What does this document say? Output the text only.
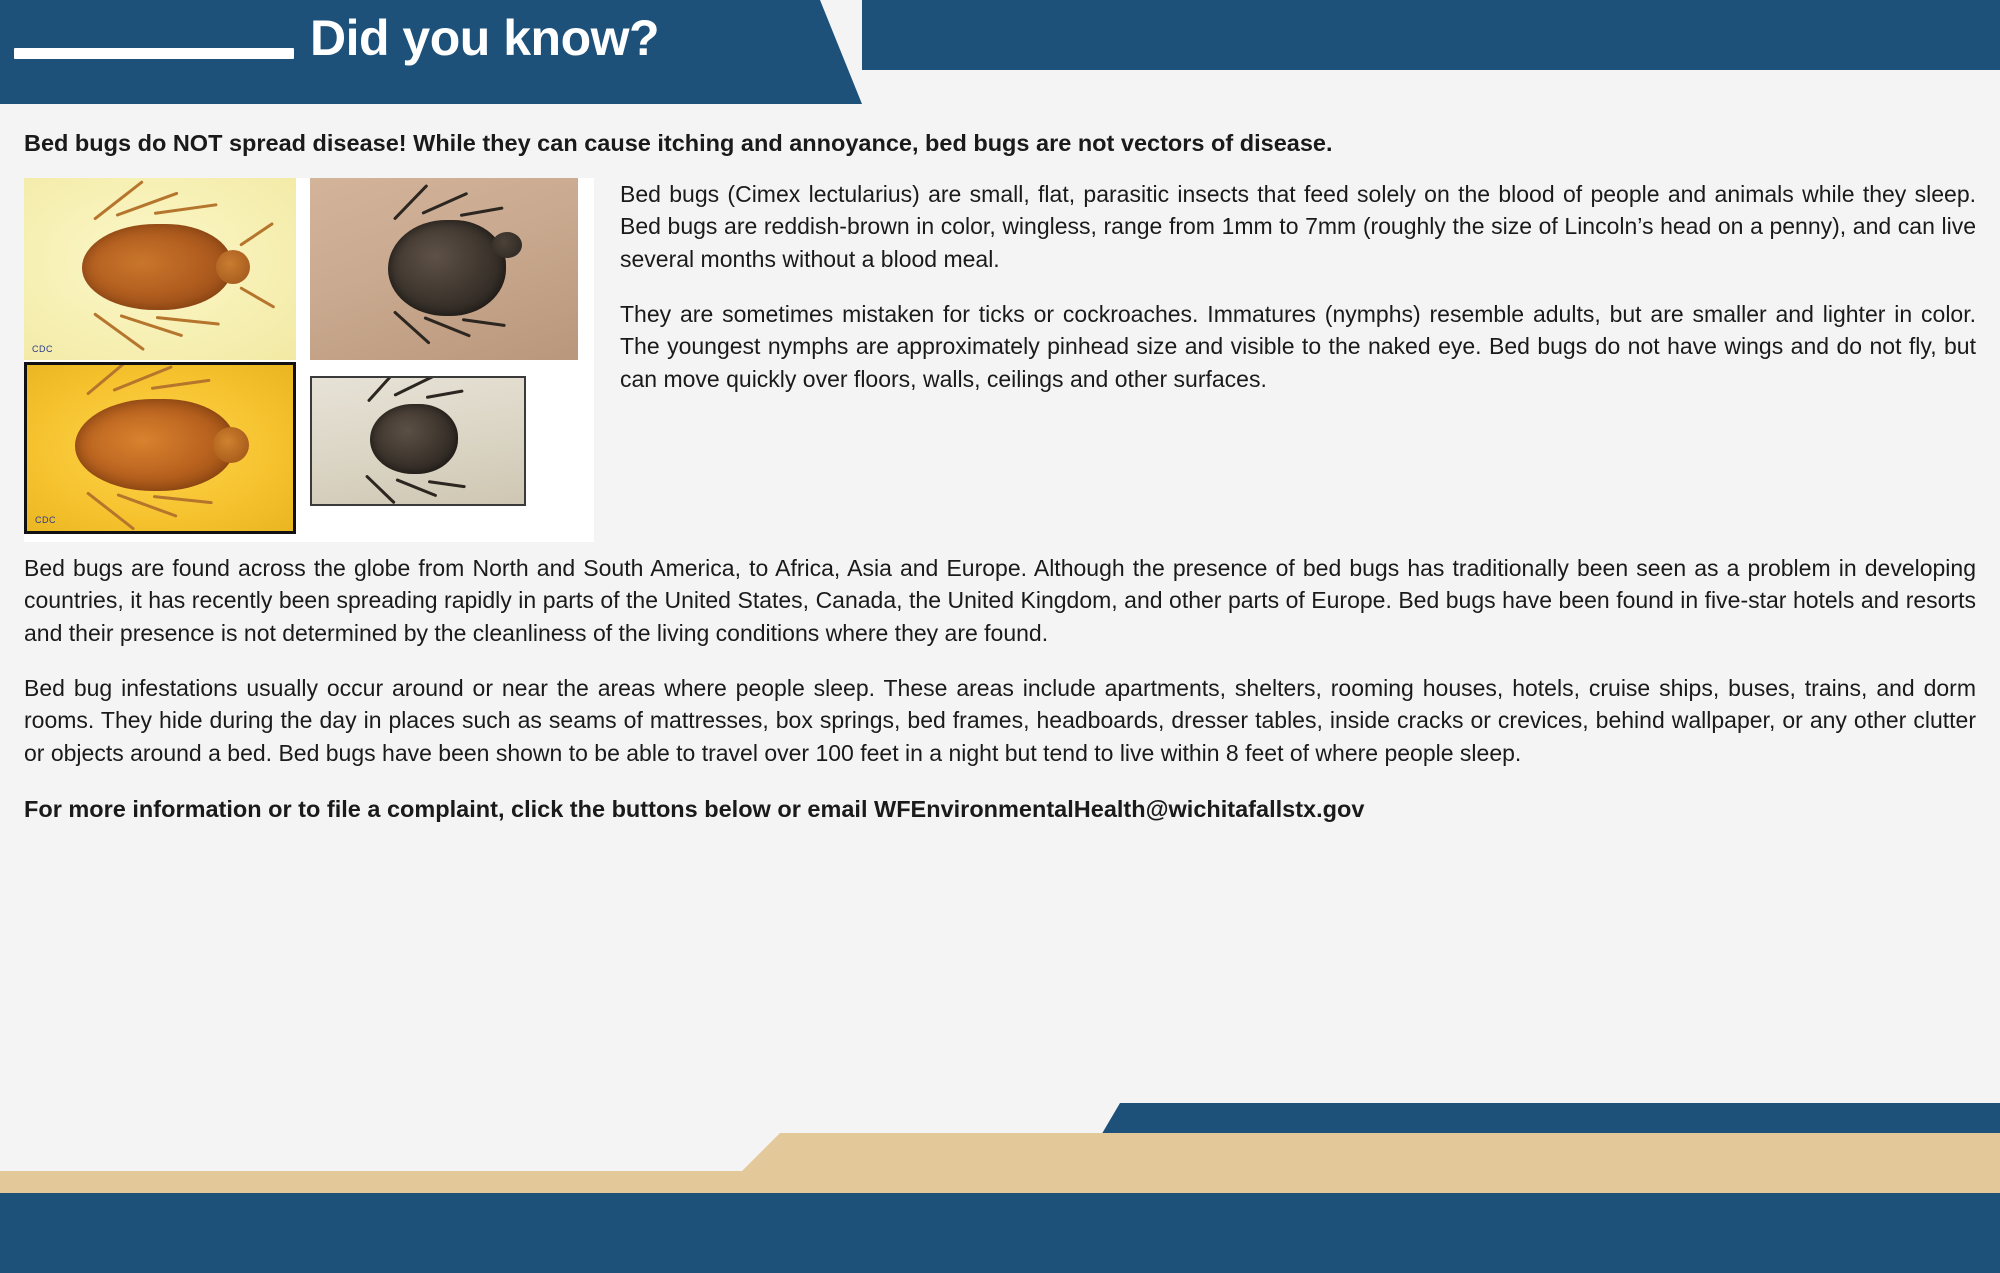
Did you know?

Bed bugs do NOT spread disease! While they can cause itching and annoyance, bed bugs are not vectors of disease.

CDC
CDC

Bed bugs (Cimex lectularius) are small, flat, parasitic insects that feed solely on the blood of people and animals while they sleep. Bed bugs are reddish-brown in color, wingless, range from 1mm to 7mm (roughly the size of Lincoln’s head on a penny), and can live several months without a blood meal.

They are sometimes mistaken for ticks or cockroaches. Immatures (nymphs) resemble adults, but are smaller and lighter in color. The youngest nymphs are approximately pinhead size and visible to the naked eye. Bed bugs do not have wings and do not fly, but can move quickly over floors, walls, ceilings and other surfaces.

Bed bugs are found across the globe from North and South America, to Africa, Asia and Europe. Although the presence of bed bugs has traditionally been seen as a problem in developing countries, it has recently been spreading rapidly in parts of the United States, Canada, the United Kingdom, and other parts of Europe. Bed bugs have been found in five-star hotels and resorts and their presence is not determined by the cleanliness of the living conditions where they are found.

Bed bug infestations usually occur around or near the areas where people sleep. These areas include apartments, shelters, rooming houses, hotels, cruise ships, buses, trains, and dorm rooms. They hide during the day in places such as seams of mattresses, box springs, bed frames, headboards, dresser tables, inside cracks or crevices, behind wallpaper, or any other clutter or objects around a bed. Bed bugs have been shown to be able to travel over 100 feet in a night but tend to live within 8 feet of where people sleep.

For more information or to file a complaint, click the buttons below or email WFEnvironmentalHealth@wichitafallstx.gov
